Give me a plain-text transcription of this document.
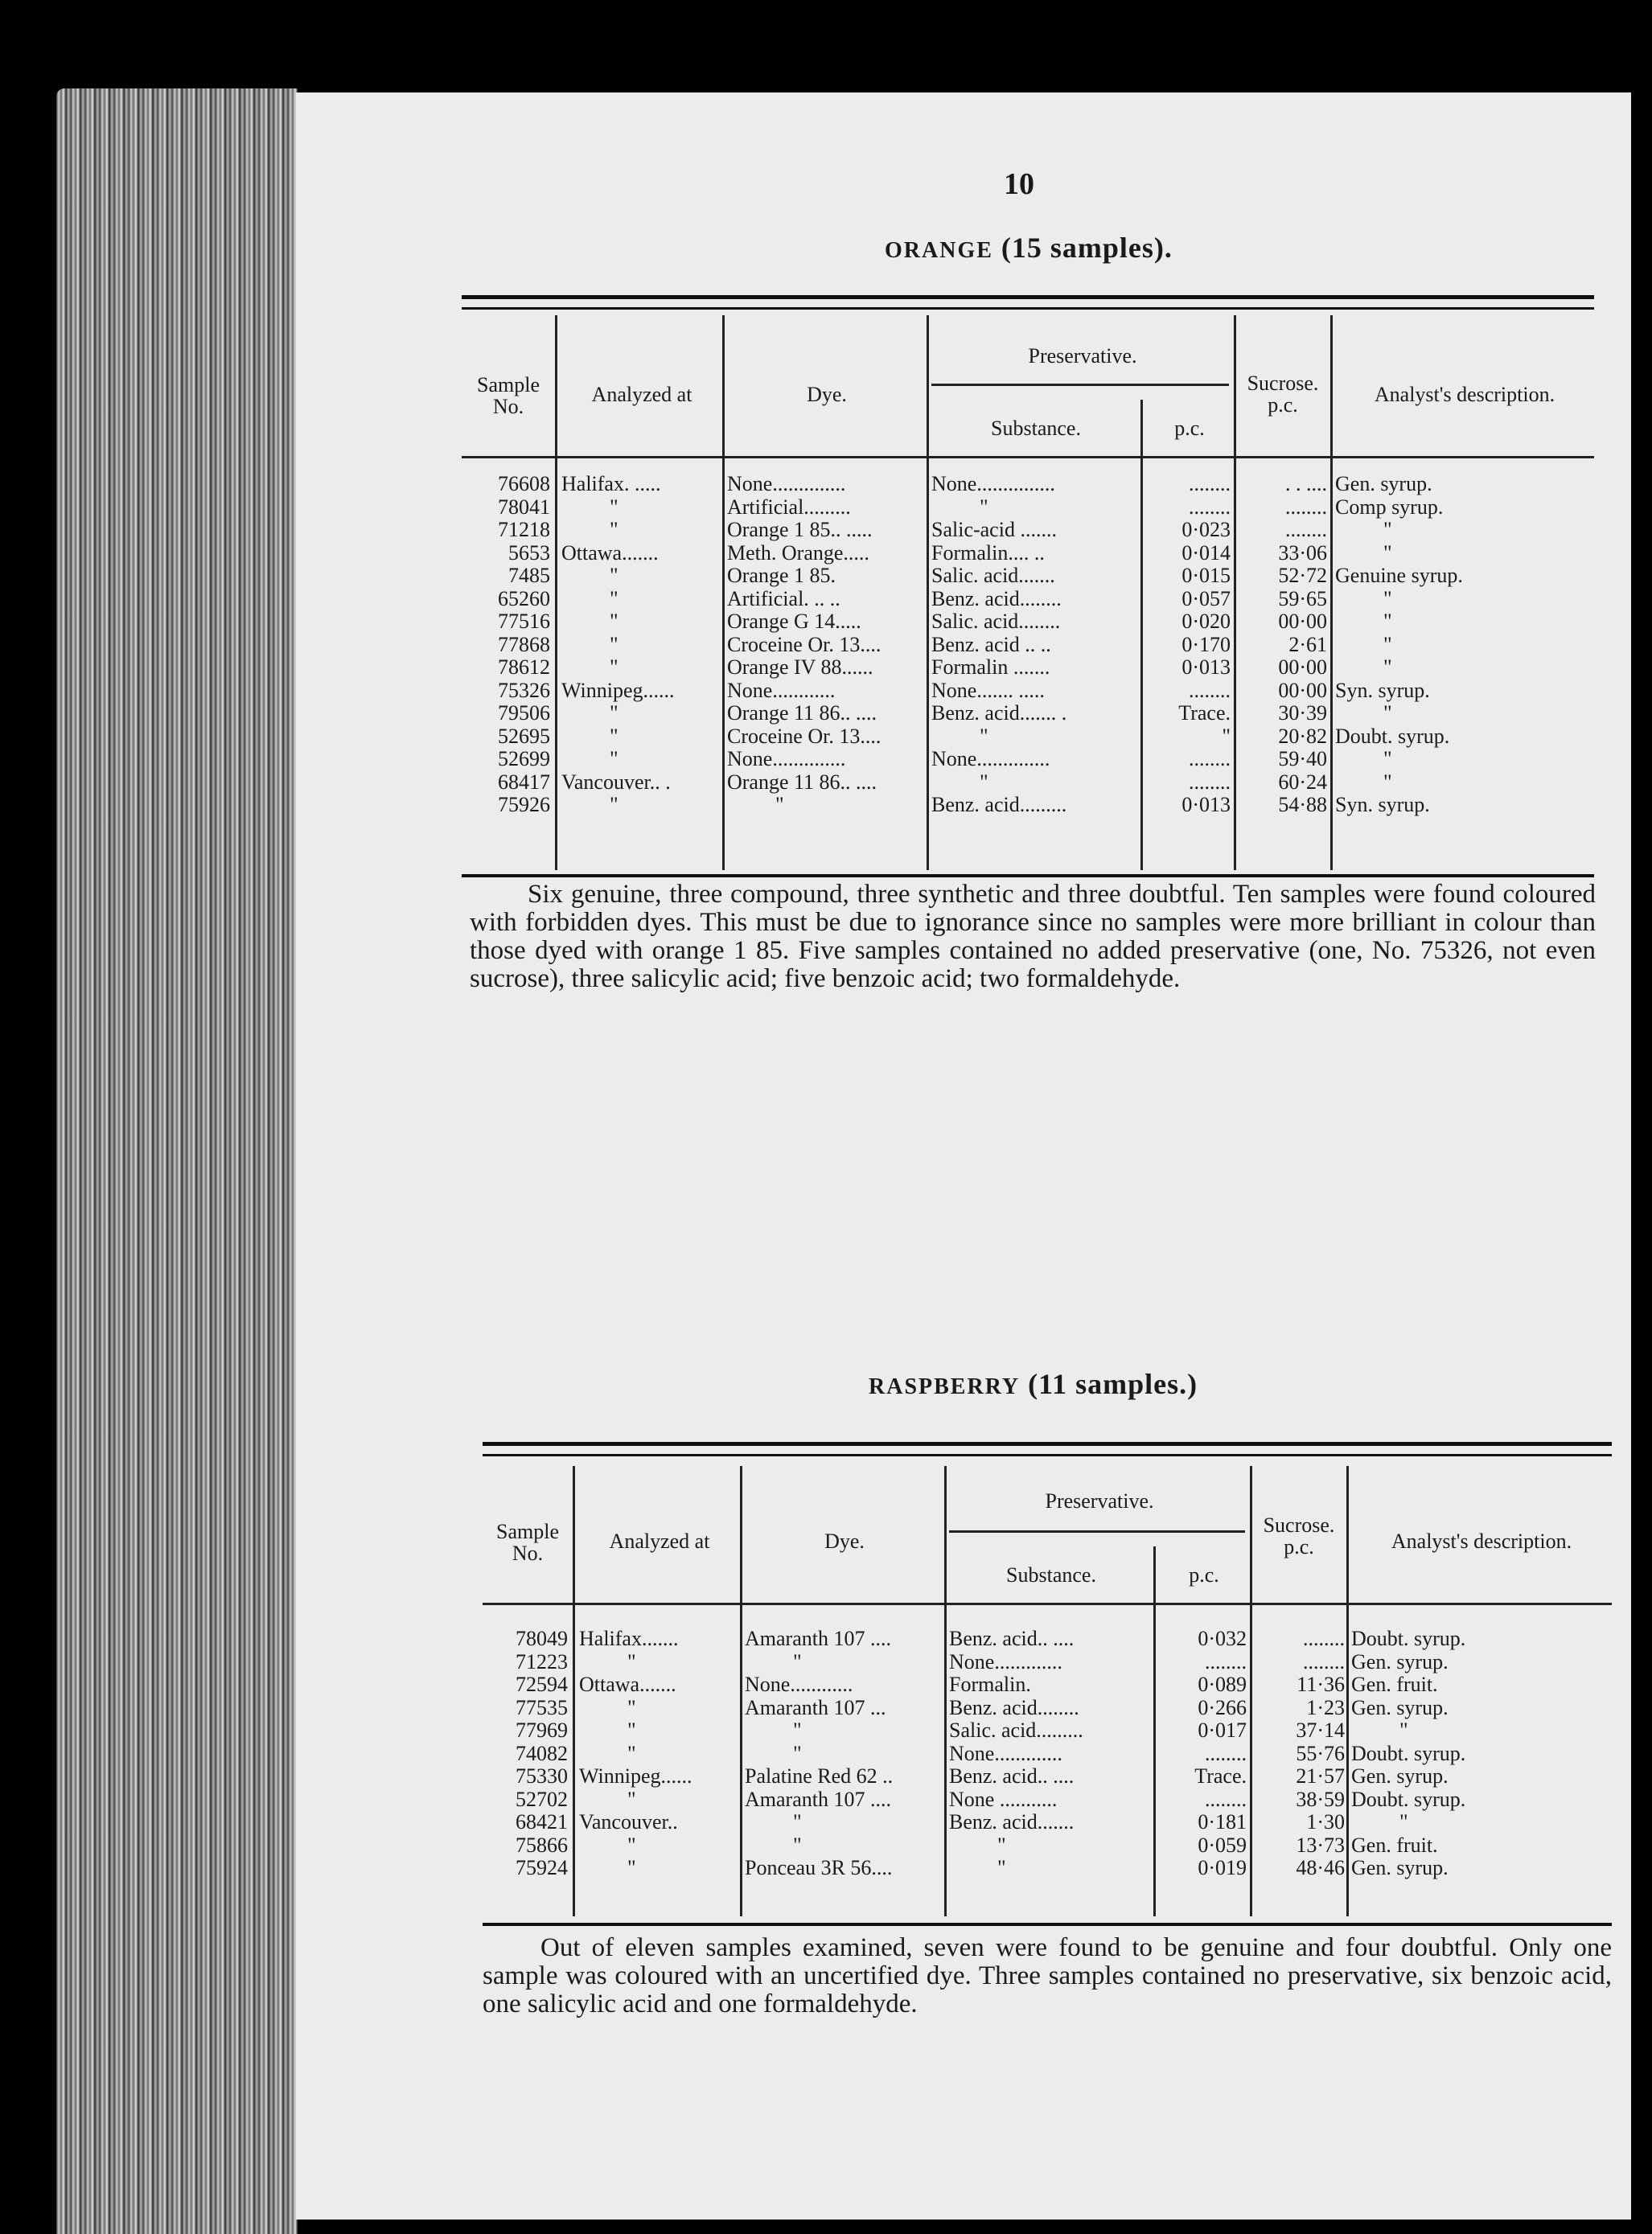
10
ORANGE (15 samples).
Sample No.
Analyzed at	Dye.
Preservative.
Substance.	p.c.
Sucrose. p.c.	Analyst's description.
76608 Halifax. .....	None..............	None...............	........	. . .... Gen. syrup.
78041	"	Artificial.........	"	........	........ Comp syrup.
71218	"	Orange 1 85.. .....	Salic-acid .......	0·023	........	"
5653 Ottawa.......	Meth. Orange.....	Formalin.... ..	0·014	33·06	"
7485	"	Orange 1 85.	Salic. acid.......	0·015	52·72 Genuine syrup.
65260	"	Artificial. .. ..	Benz. acid........	0·057	59·65	"
77516	"	Orange G 14.....	Salic. acid........	0·020	00·00	"
77868	"	Croceine Or. 13....	Benz. acid .. ..	0·170	2·61	"
78612	"	Orange IV 88......	Formalin .......	0·013	00·00	"
75326 Winnipeg......	None............	None....... .....	........	00·00 Syn. syrup.
79506	"	Orange 11 86.. ....	Benz. acid....... .	Trace.	30·39	"
52695	"	Croceine Or. 13....	"	"	20·82 Doubt. syrup.
52699	"	None..............	None..............	........	59·40	"
68417 Vancouver.. .	Orange 11 86.. ....	"	........	60·24	"
75926	"	"	Benz. acid.........	0·013	54·88 Syn. syrup.

Six genuine, three compound, three synthetic and three doubtful. Ten samples were found coloured with forbidden dyes. This must be due to ignorance since no samples were more brilliant in colour than those dyed with orange 1 85. Five samples contained no added preservative (one, No. 75326, not even sucrose), three salicylic acid; five benzoic acid; two formaldehyde.

RASPBERRY (11 samples.)
Sample No.
Analyzed at	Dye.
Preservative.
Substance.	p.c.
Sucrose. p.c.	Analyst's description.
78049 Halifax.......	Amaranth 107 ....	Benz. acid.. ....	0·032	........ Doubt. syrup.
71223	"	"	None.............	........	........ Gen. syrup.
72594 Ottawa.......	None............	Formalin.	0·089	11·36 Gen. fruit.
77535	"	Amaranth 107 ...	Benz. acid........	0·266	1·23 Gen. syrup.
77969	"	"	Salic. acid.........	0·017	37·14	"
74082	"	"	None.............	........	55·76 Doubt. syrup.
75330 Winnipeg......	Palatine Red 62 ..	Benz. acid.. ....	Trace.	21·57 Gen. syrup.
52702	"	Amaranth 107 ....	None ...........	........	38·59 Doubt. syrup.
68421 Vancouver..	"	Benz. acid.......	0·181	1·30	"
75866	"	"	"	0·059	13·73 Gen. fruit.
75924	"	Ponceau 3R 56....	"	0·019	48·46 Gen. syrup.

Out of eleven samples examined, seven were found to be genuine and four doubtful. Only one sample was coloured with an uncertified dye. Three samples contained no preservative, six benzoic acid, one salicylic acid and one formaldehyde.
